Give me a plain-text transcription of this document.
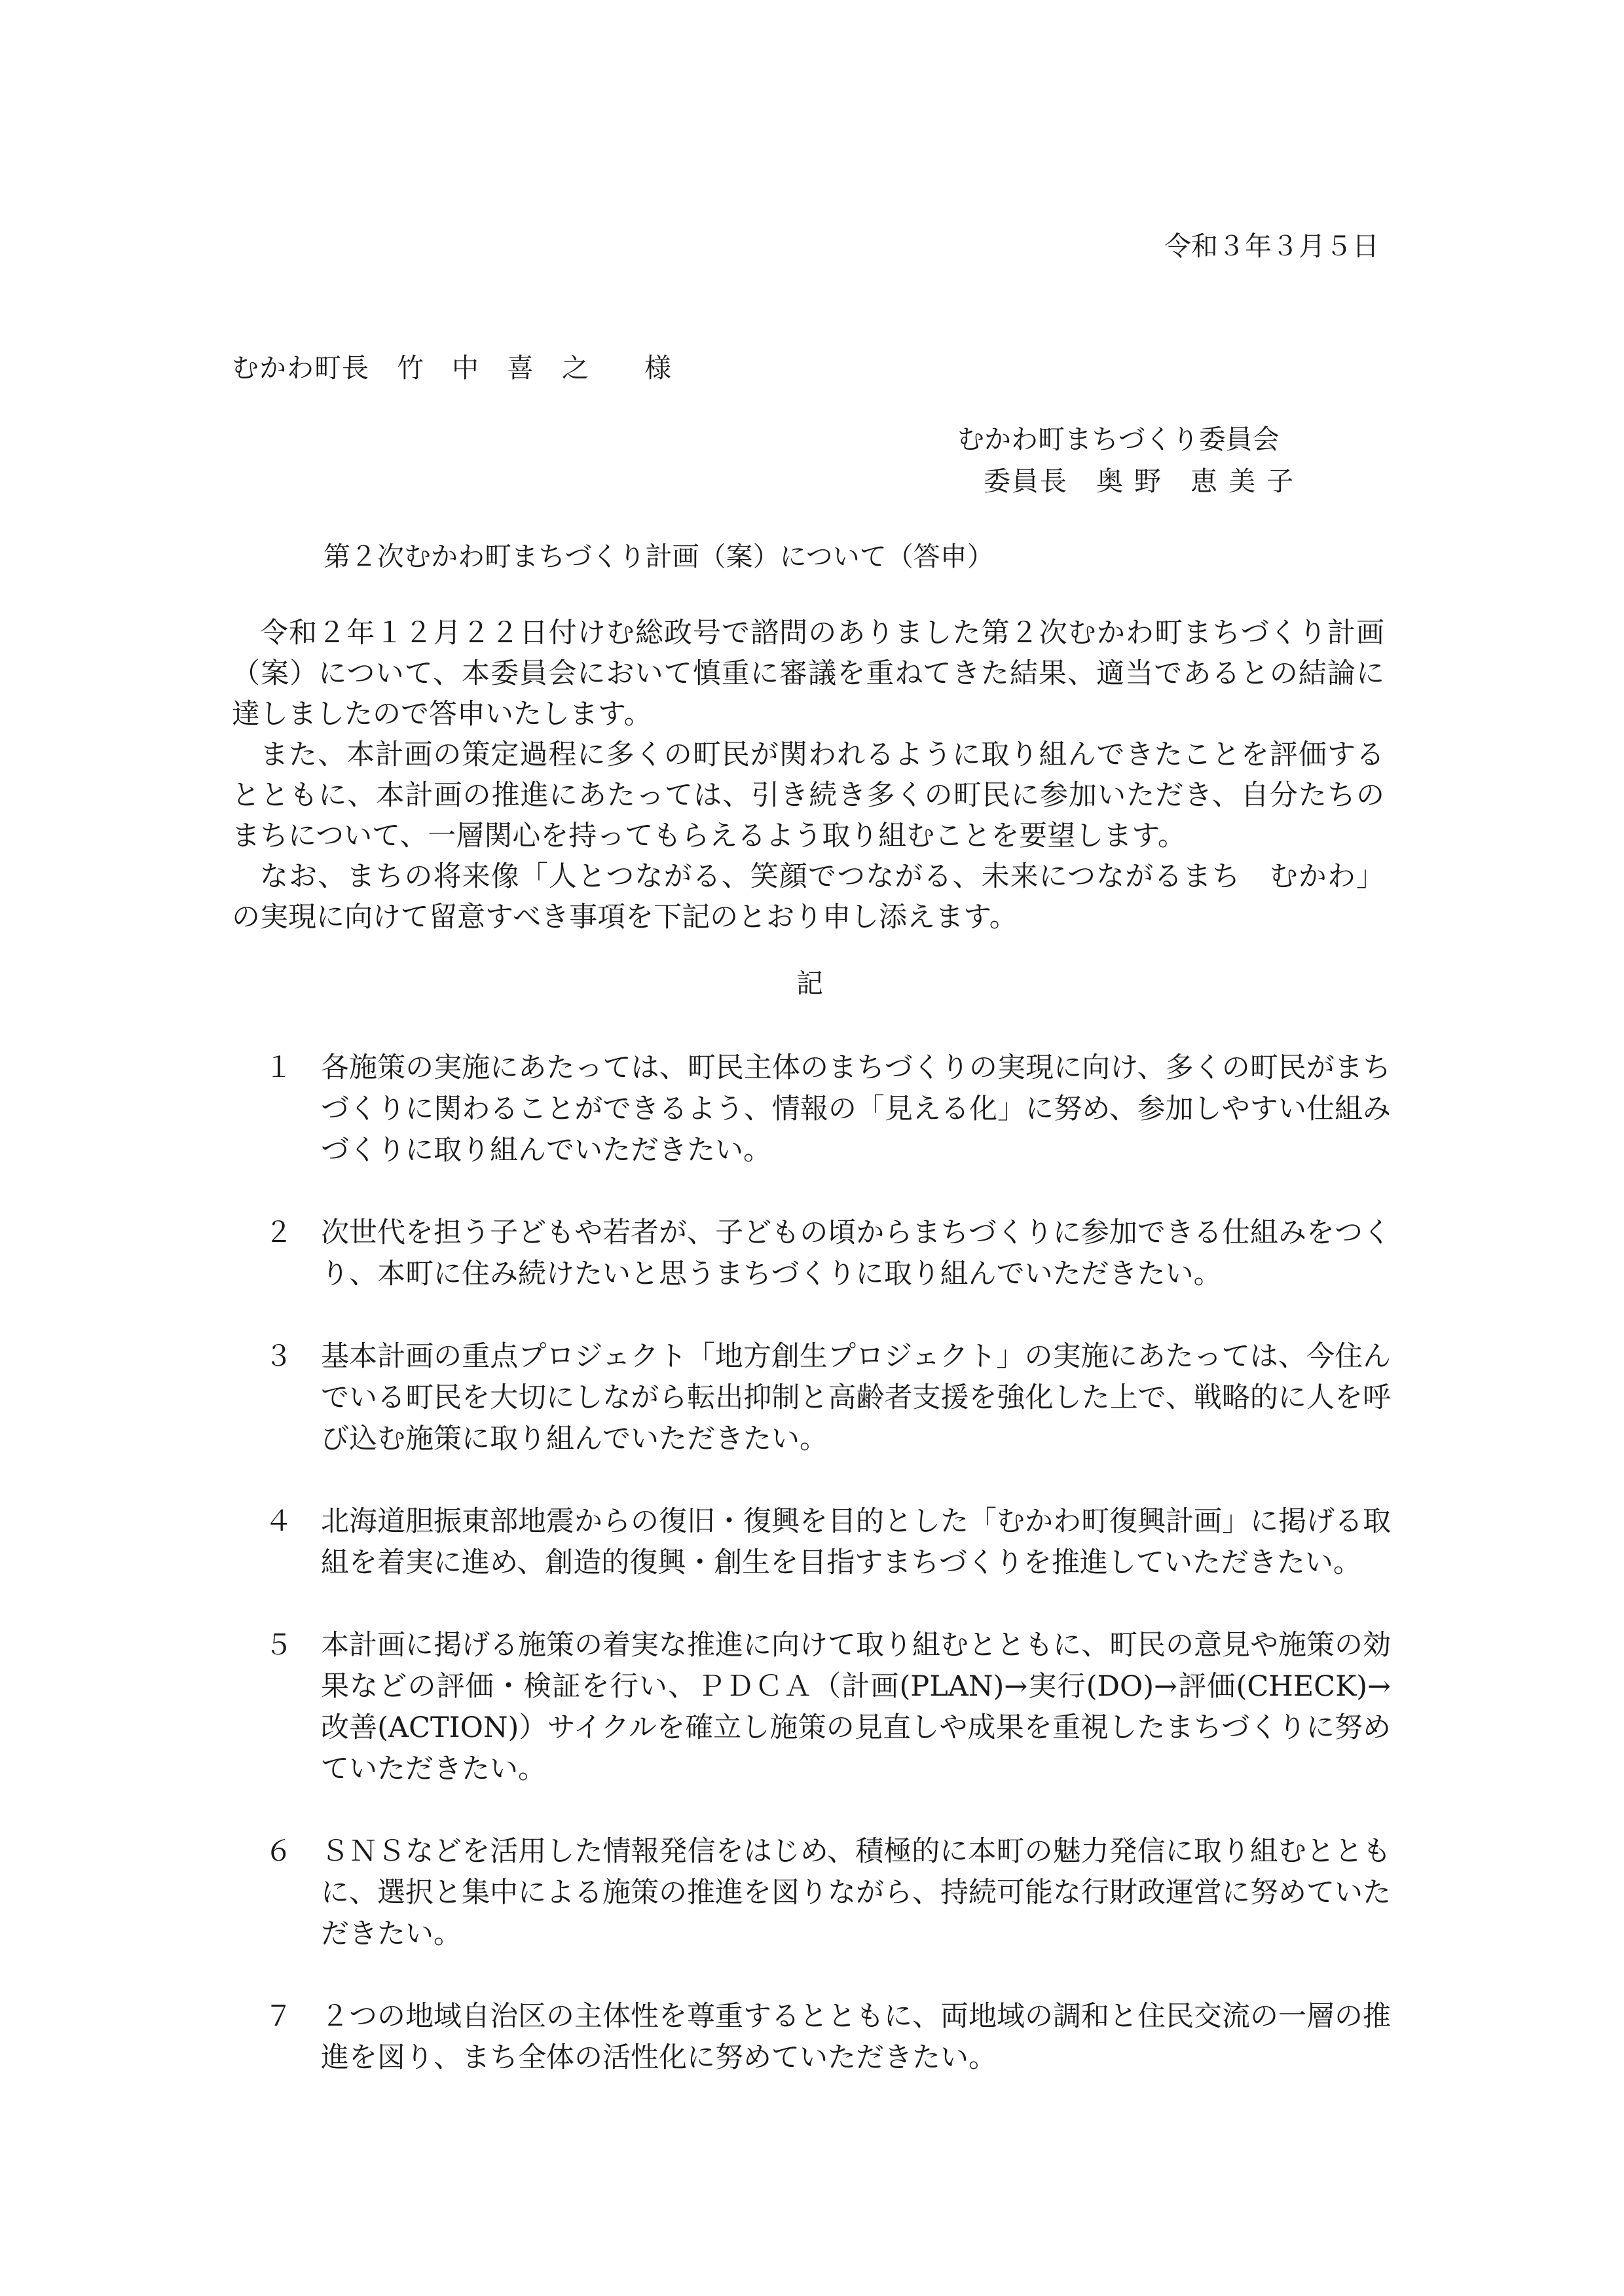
令和３年３月５日
むかわ町長　竹　中　喜　之　　様
むかわ町まちづくり委員会
委員長　奥 野　恵 美 子
第２次むかわ町まちづくり計画（案）について（答申）
令和２年１２月２２日付けむ総政号で諮問のありました第２次むかわ町まちづくり計画（案）について、本委員会において慎重に審議を重ねてきた結果、適当であるとの結論に達しましたので答申いたします。
また、本計画の策定過程に多くの町民が関われるように取り組んできたことを評価するとともに、本計画の推進にあたっては、引き続き多くの町民に参加いただき、自分たちのまちについて、一層関心を持ってもらえるよう取り組むことを要望します。
なお、まちの将来像「人とつながる、笑顔でつながる、未来につながるまち　むかわ」の実現に向けて留意すべき事項を下記のとおり申し添えます。
記
１	各施策の実施にあたっては、町民主体のまちづくりの実現に向け、多くの町民がまちづくりに関わることができるよう、情報の「見える化」に努め、参加しやすい仕組みづくりに取り組んでいただきたい。
２	次世代を担う子どもや若者が、子どもの頃からまちづくりに参加できる仕組みをつくり、本町に住み続けたいと思うまちづくりに取り組んでいただきたい。
３	基本計画の重点プロジェクト「地方創生プロジェクト」の実施にあたっては、今住んでいる町民を大切にしながら転出抑制と高齢者支援を強化した上で、戦略的に人を呼び込む施策に取り組んでいただきたい。
４	北海道胆振東部地震からの復旧・復興を目的とした「むかわ町復興計画」に掲げる取組を着実に進め、創造的復興・創生を目指すまちづくりを推進していただきたい。
５	本計画に掲げる施策の着実な推進に向けて取り組むとともに、町民の意見や施策の効果などの評価・検証を行い、ＰＤＣＡ（計画(PLAN)→実行(DO)→評価(CHECK)→改善(ACTION)）サイクルを確立し施策の見直しや成果を重視したまちづくりに努めていただきたい。
６	ＳＮＳなどを活用した情報発信をはじめ、積極的に本町の魅力発信に取り組むとともに、選択と集中による施策の推進を図りながら、持続可能な行財政運営に努めていただきたい。
７	２つの地域自治区の主体性を尊重するとともに、両地域の調和と住民交流の一層の推進を図り、まち全体の活性化に努めていただきたい。
